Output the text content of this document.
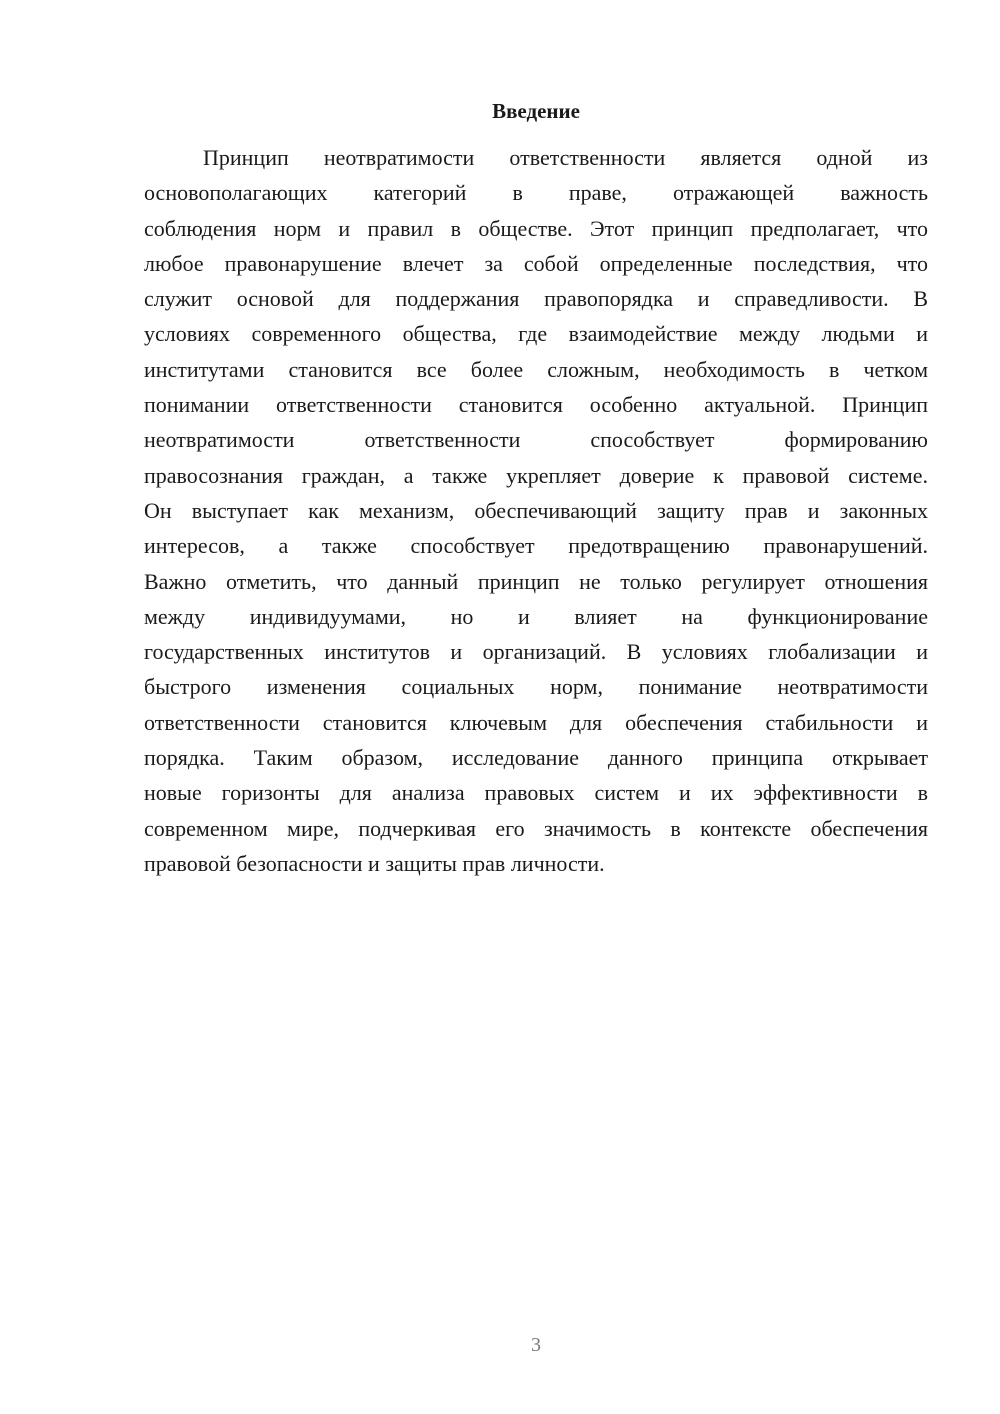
Введение
Принцип неотвратимости ответственности является одной из
основополагающих категорий в праве, отражающей важность
соблюдения норм и правил в обществе. Этот принцип предполагает, что
любое правонарушение влечет за собой определенные последствия, что
служит основой для поддержания правопорядка и справедливости. В
условиях современного общества, где взаимодействие между людьми и
институтами становится все более сложным, необходимость в четком
понимании ответственности становится особенно актуальной. Принцип
неотвратимости ответственности способствует формированию
правосознания граждан, а также укрепляет доверие к правовой системе.
Он выступает как механизм, обеспечивающий защиту прав и законных
интересов, а также способствует предотвращению правонарушений.
Важно отметить, что данный принцип не только регулирует отношения
между индивидуумами, но и влияет на функционирование
государственных институтов и организаций. В условиях глобализации и
быстрого изменения социальных норм, понимание неотвратимости
ответственности становится ключевым для обеспечения стабильности и
порядка. Таким образом, исследование данного принципа открывает
новые горизонты для анализа правовых систем и их эффективности в
современном мире, подчеркивая его значимость в контексте обеспечения
правовой безопасности и защиты прав личности.
3
